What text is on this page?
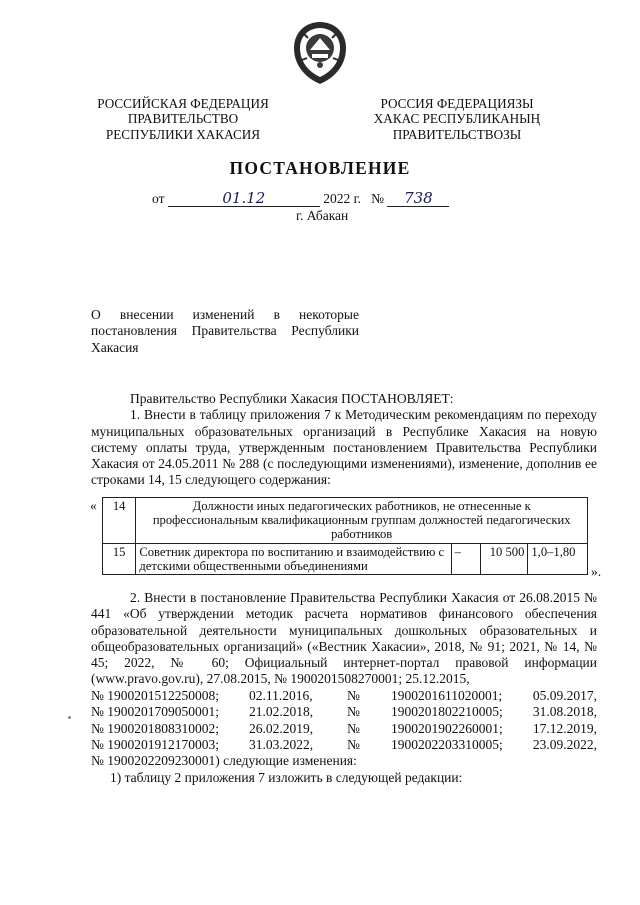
РОССИЙСКАЯ ФЕДЕРАЦИЯ
ПРАВИТЕЛЬСТВО
РЕСПУБЛИКИ ХАКАСИЯ
РОССИЯ ФЕДЕРАЦИЯЗЫ
ХАКАС РЕСПУБЛИКАНЫҢ
ПРАВИТЕЛЬСТВОЗЫ
ПОСТАНОВЛЕНИЕ
от	01.12	2022 г. № 738
г. Абакан
О внесении изменений в некоторые постановления Правительства Республики Хакасия
Правительство Республики Хакасия ПОСТАНОВЛЯЕТ:
1. Внести в таблицу приложения 7 к Методическим рекомендациям по переходу муниципальных образовательных организаций в Республике Хакасия на новую систему оплаты труда, утвержденным постановлением Правительства Республики Хакасия от 24.05.2011 № 288 (с последующими изменениями), изменение, дополнив ее строками 14, 15 следующего содержания:
« 14	Должности иных педагогических работников, не отнесенные к профессиональным квалификационным группам должностей педагогических работников			
15	Советник директора по воспитанию и взаимодействию с детскими общественными объединениями	–	10 500	1,0–1,80
».
2. Внести в постановление Правительства Республики Хакасия от 26.08.2015 № 441 «Об утверждении методик расчета нормативов финансового обеспечения образовательной деятельности муниципальных дошкольных образовательных и общеобразовательных организаций» («Вестник Хакасии», 2018, № 91; 2021, № 14, № 45; 2022, № 60; Официальный интернет-портал правовой информации (www.pravo.gov.ru), 27.08.2015, № 1900201508270001; 25.12.2015,
№ 1900201512250008; 02.11.2016,	№ 1900201611020001; 05.09.2017,
№ 1900201709050001; 21.02.2018,	№ 1900201802210005; 31.08.2018,
№ 1900201808310002; 26.02.2019,	№ 1900201902260001; 17.12.2019,
№ 1900201912170003; 31.03.2022,	№ 1900202203310005; 23.09.2022,
№ 1900202209230001) следующие изменения:
1) таблицу 2 приложения 7 изложить в следующей редакции:
